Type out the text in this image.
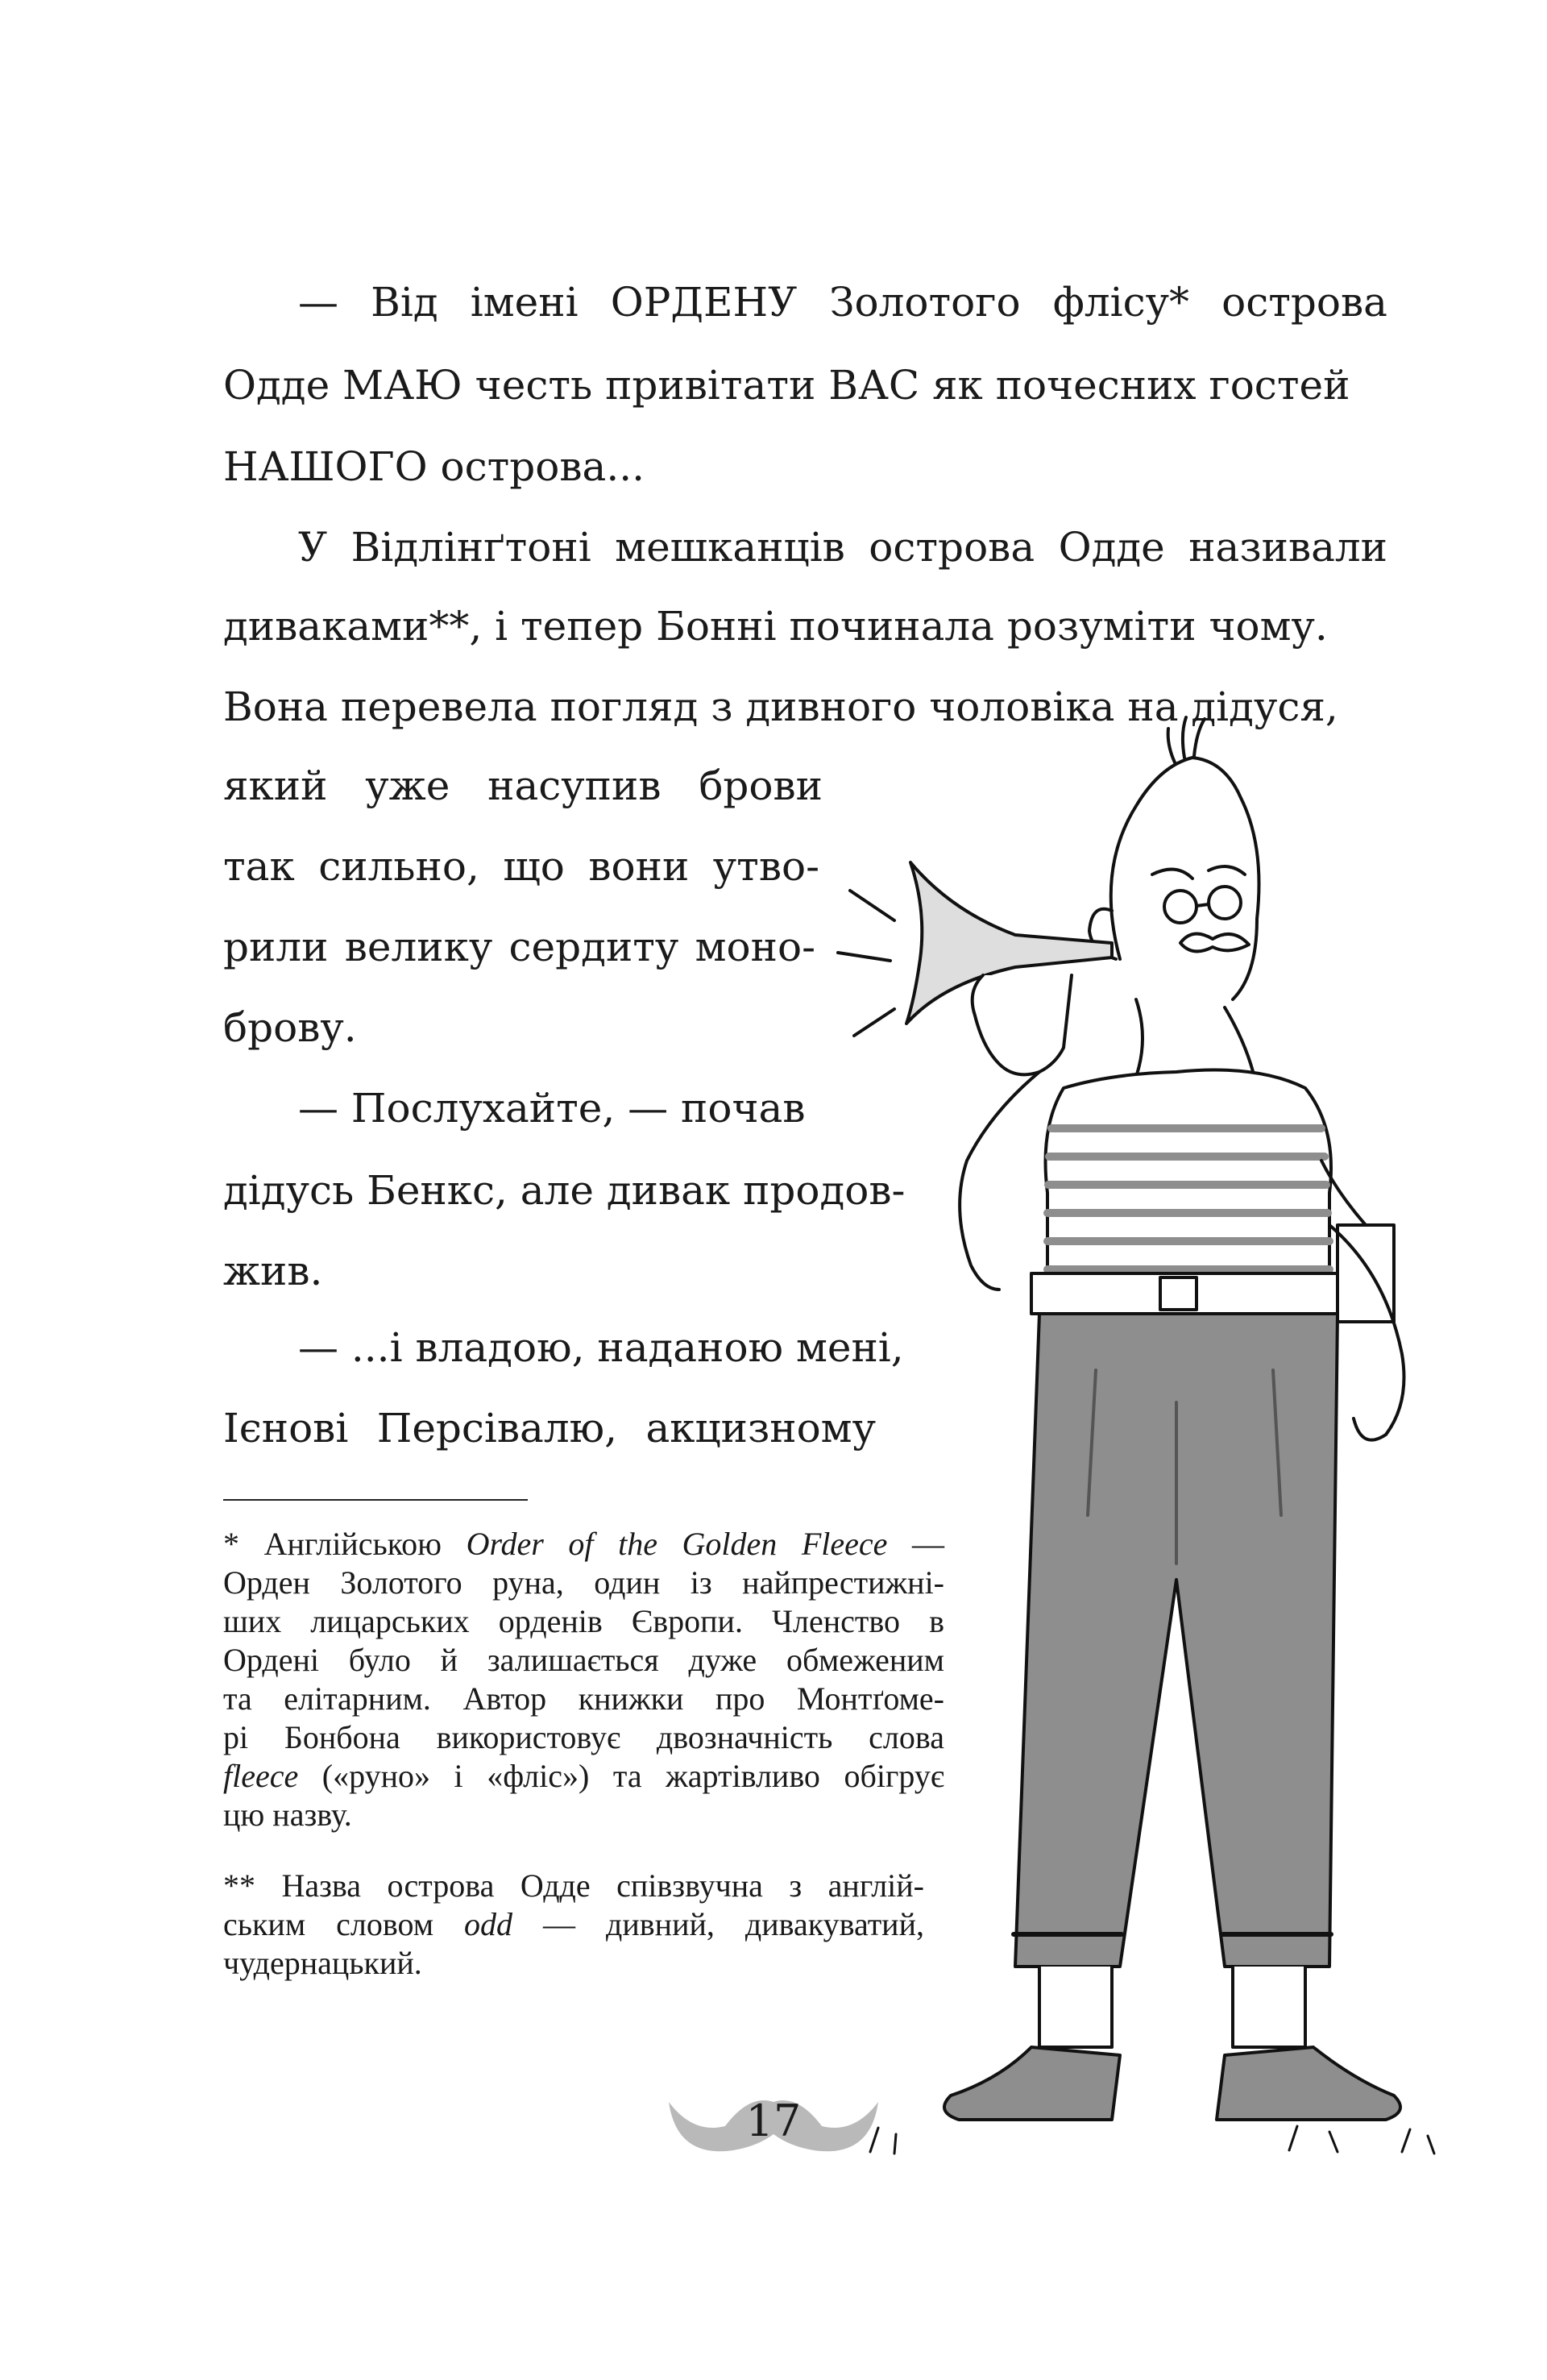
— Від імені ОРДЕНУ Золотого флісу* острова

Одде МАЮ честь привітати ВАС як почесних гостей

НАШОГО острова...

У Відлінґтоні мешканців острова Одде називали

диваками**, і тепер Бонні починала розуміти чому.

Вона перевела погляд з дивного чоловіка на дідуся,

який уже насупив брови

так сильно, що вони утво-

рили велику сердиту моно-

брову.

— Послухайте, — почав

дідусь Бенкс, але дивак продов-

жив.

— ...і владою, наданою мені,

Ієнові Персівалю, акцизному

* Англійською Order of the Golden Fleece —

Орден Золотого руна, один із найпрестижні-

ших лицарських орденів Європи. Членство в

Ордені було й залишається дуже обмеженим

та елітарним. Автор книжки про Монтґоме-

рі Бонбона використовує двозначність слова

fleece («руно» і «фліс») та жартівливо обігрує

цю назву.

** Назва острова Одде співзвучна з англій-

ським словом odd — дивний, дивакуватий,

чудернацький.

17
